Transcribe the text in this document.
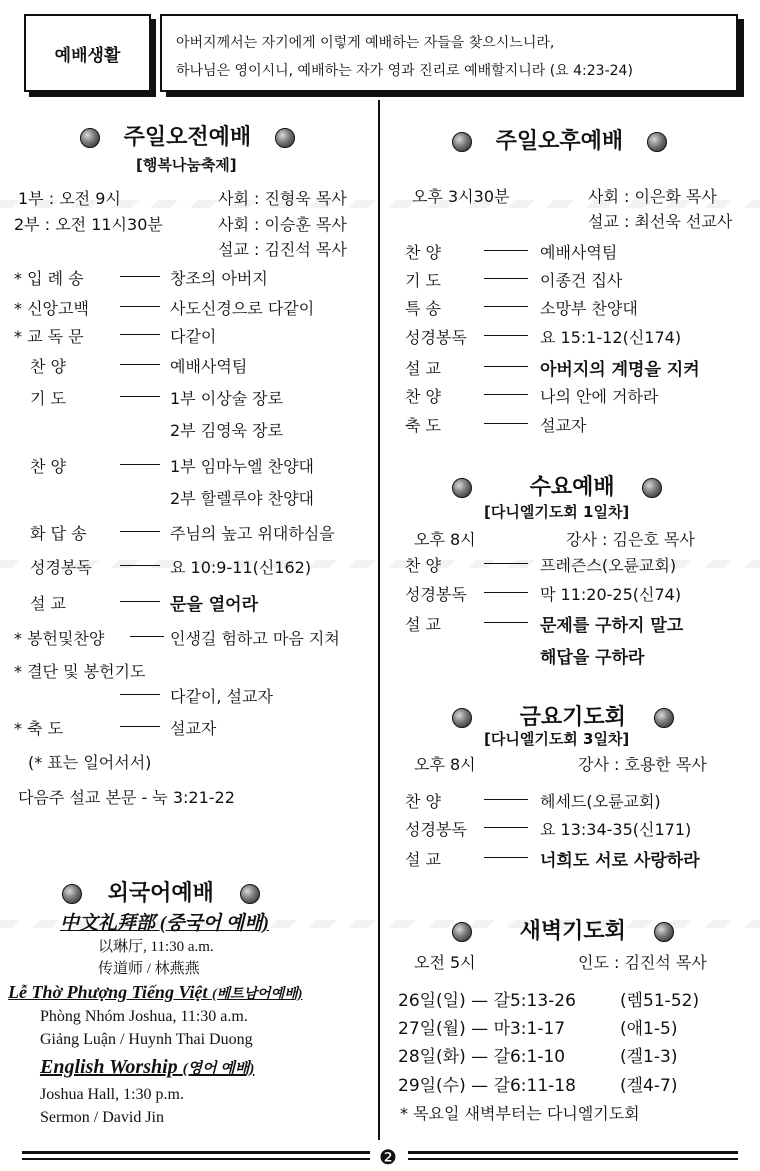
예배생활
아버지께서는 자기에게 이렇게 예배하는 자들을 찾으시느니라,
하나님은 영이시니, 예배하는 자가 영과 진리로 예배할지니라 (요 4:23-24)
주일오전예배
[행복나눔축제]
1부 : 오전 9시	사회 : 진형욱 목사
2부 : 오전 11시30분	사회 : 이승훈 목사
설교 : 김진석 목사
* 입 례 송	창조의 아버지
* 신앙고백	사도신경으로 다같이
* 교 독 문	다같이
찬 양	예배사역팀
기 도	1부 이상술 장로
2부 김영욱 장로
찬 양	1부 임마누엘 찬양대
2부 할렐루야 찬양대
화 답 송	주님의 높고 위대하심을
성경봉독	요 10:9-11(신162)
설 교	문을 열어라
* 봉헌및찬양	인생길 험하고 마음 지쳐
* 결단 및 봉헌기도
다같이, 설교자
* 축 도	설교자
(* 표는 일어서서)
다음주 설교 본문 - 눅 3:21-22
외국어예배
中文礼拜部 (중국어 예배)
以琳厅, 11:30 a.m.
传道师 / 林燕燕
Lễ Thờ Phượng Tiếng Việt (베트남어예배)
Phòng Nhóm Joshua, 11:30 a.m.
Giảng Luận / Huynh Thai Duong
English Worship (영어 예배)
Joshua Hall, 1:30 p.m.
Sermon / David Jin
주일오후예배
오후 3시30분	사회 : 이은화 목사
설교 : 최선욱 선교사
찬 양	예배사역팀
기 도	이종건 집사
특 송	소망부 찬양대
성경봉독	요 15:1-12(신174)
설 교	아버지의 계명을 지켜
찬 양	나의 안에 거하라
축 도	설교자
수요예배
[다니엘기도회 1일차]
오후 8시	강사 : 김은호 목사
찬 양	프레즌스(오륜교회)
성경봉독	막 11:20-25(신74)
설 교	문제를 구하지 말고
해답을 구하라
금요기도회
[다니엘기도회 3일차]
오후 8시	강사 : 호용한 목사
찬 양	헤세드(오륜교회)
성경봉독	요 13:34-35(신171)
설 교	너희도 서로 사랑하라
새벽기도회
오전 5시	인도 : 김진석 목사
26일(일) — 갈5:13-26	(렘51-52)
27일(월) — 마3:1-17	(애1-5)
28일(화) — 갈6:1-10	(겔1-3)
29일(수) — 갈6:11-18	(겔4-7)
* 목요일 새벽부터는 다니엘기도회
❷
